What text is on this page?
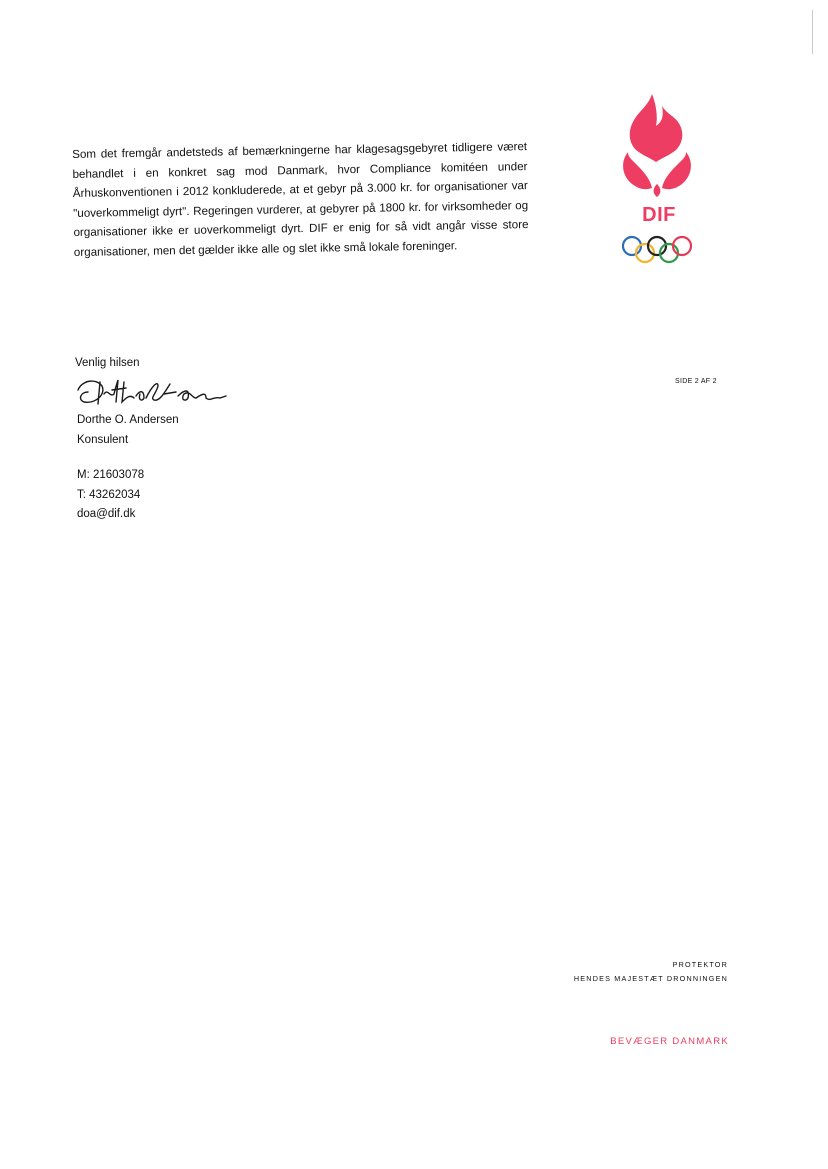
Som det fremgår andetsteds af bemærkningerne har klagesagsgebyret tidligere været behandlet i en konkret sag mod Danmark, hvor Compliance komitéen under Århuskonventionen i 2012 konkluderede, at et gebyr på 3.000 kr. for organisationer var "uoverkommeligt dyrt". Regeringen vurderer, at gebyrer på 1800 kr. for virksomheder og organisationer ikke er uoverkommeligt dyrt. DIF er enig for så vidt angår visse store organisationer, men det gælder ikke alle og slet ikke små lokale foreninger.
DIF
Venlig hilsen
Dorthe O. Andersen
Konsulent
M: 21603078
T: 43262034
doa@dif.dk
SIDE 2 AF 2
PROTEKTOR
HENDES MAJESTÆT DRONNINGEN
BEVÆGER DANMARK
